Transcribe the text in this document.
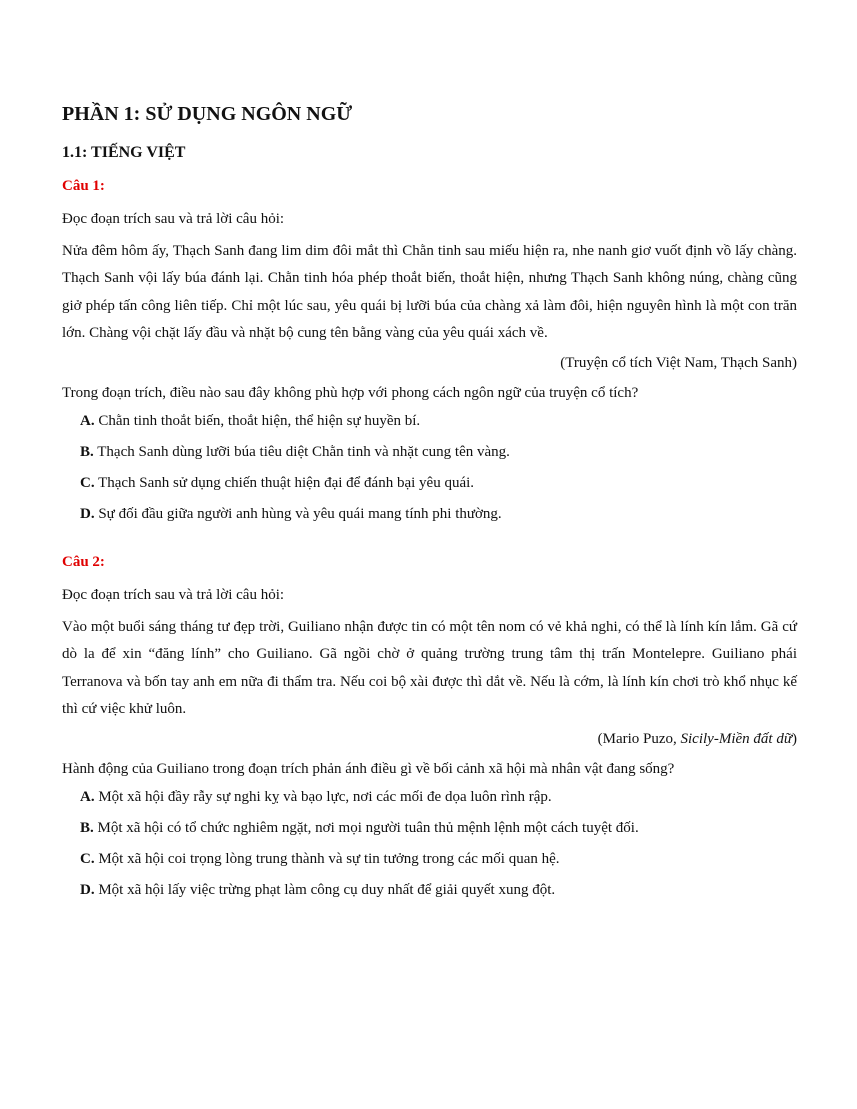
PHẦN 1: SỬ DỤNG NGÔN NGỮ
1.1: TIẾNG VIỆT
Câu 1:
Đọc đoạn trích sau và trả lời câu hỏi:
Nửa đêm hôm ấy, Thạch Sanh đang lim dim đôi mắt thì Chằn tinh sau miếu hiện ra, nhe nanh giơ vuốt định vồ lấy chàng. Thạch Sanh vội lấy búa đánh lại. Chằn tinh hóa phép thoắt biến, thoắt hiện, nhưng Thạch Sanh không núng, chàng cũng giở phép tấn công liên tiếp. Chỉ một lúc sau, yêu quái bị lưỡi búa của chàng xả làm đôi, hiện nguyên hình là một con trăn lớn. Chàng vội chặt lấy đầu và nhặt bộ cung tên bằng vàng của yêu quái xách về.
(Truyện cổ tích Việt Nam, Thạch Sanh)
Trong đoạn trích, điều nào sau đây không phù hợp với phong cách ngôn ngữ của truyện cổ tích?
A. Chằn tinh thoắt biến, thoắt hiện, thể hiện sự huyền bí.
B. Thạch Sanh dùng lưỡi búa tiêu diệt Chằn tinh và nhặt cung tên vàng.
C. Thạch Sanh sử dụng chiến thuật hiện đại để đánh bại yêu quái.
D. Sự đối đầu giữa người anh hùng và yêu quái mang tính phi thường.
Câu 2:
Đọc đoạn trích sau và trả lời câu hỏi:
Vào một buổi sáng tháng tư đẹp trời, Guiliano nhận được tin có một tên nom có vẻ khả nghi, có thể là lính kín lắm. Gã cứ dò la để xin “đăng lính” cho Guiliano. Gã ngồi chờ ở quảng trường trung tâm thị trấn Montelepre. Guiliano phái Terranova và bốn tay anh em nữa đi thẩm tra. Nếu coi bộ xài được thì dắt về. Nếu là cớm, là lính kín chơi trò khổ nhục kế thì cứ việc khử luôn.
(Mario Puzo, Sicily-Miền đất dữ)
Hành động của Guiliano trong đoạn trích phản ánh điều gì về bối cảnh xã hội mà nhân vật đang sống?
A. Một xã hội đầy rẫy sự nghi kỵ và bạo lực, nơi các mối đe dọa luôn rình rập.
B. Một xã hội có tổ chức nghiêm ngặt, nơi mọi người tuân thủ mệnh lệnh một cách tuyệt đối.
C. Một xã hội coi trọng lòng trung thành và sự tin tưởng trong các mối quan hệ.
D. Một xã hội lấy việc trừng phạt làm công cụ duy nhất để giải quyết xung đột.
